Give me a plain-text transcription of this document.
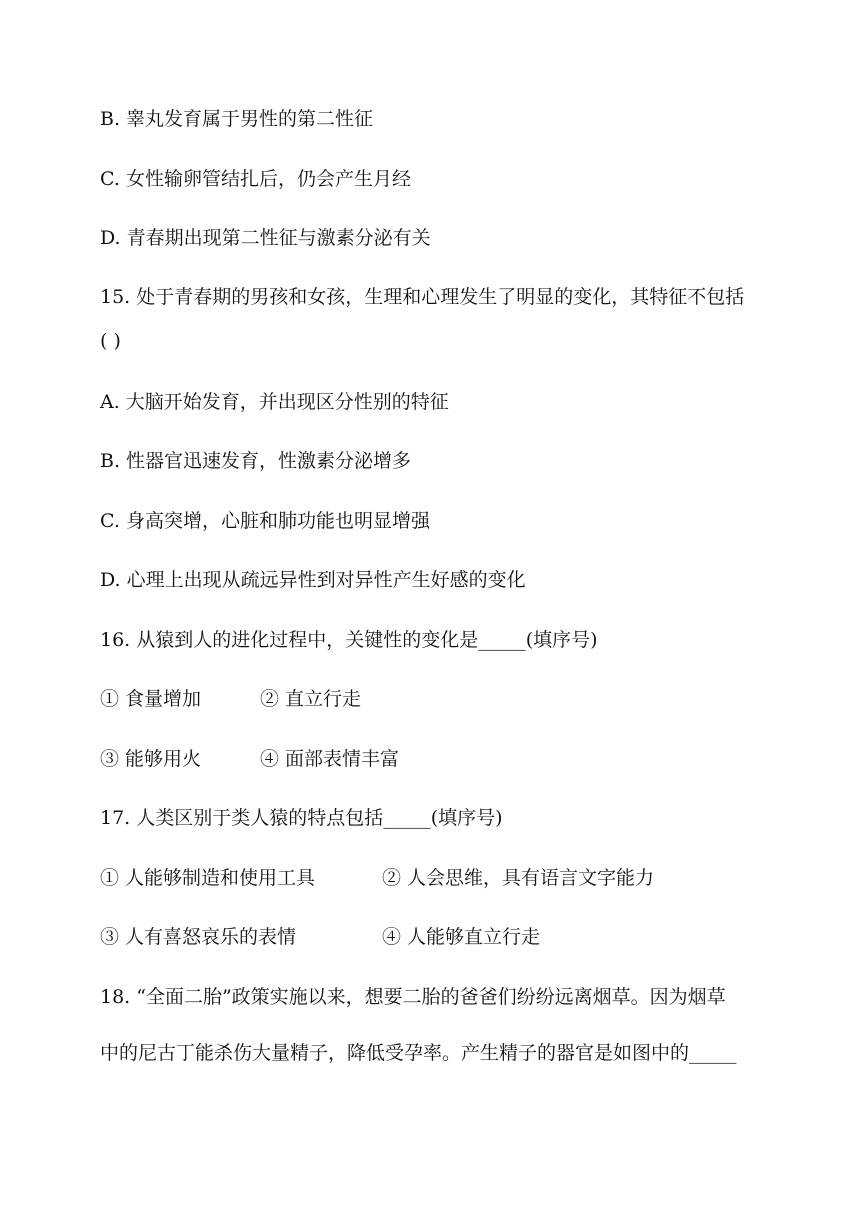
B. 睾丸发育属于男性的第二性征
C. 女性输卵管结扎后，仍会产生月经
D. 青春期出现第二性征与激素分泌有关
15. 处于青春期的男孩和女孩，生理和心理发生了明显的变化，其特征不包括
( )
A. 大脑开始发育，并出现区分性别的特征
B. 性器官迅速发育，性激素分泌增多
C. 身高突增，心脏和肺功能也明显增强
D. 心理上出现从疏远异性到对异性产生好感的变化
16. 从猿到人的进化过程中，关键性的变化是_____(填序号)
① 食量增加	② 直立行走
③ 能够用火	④ 面部表情丰富
17. 人类区别于类人猿的特点包括_____(填序号)
① 人能够制造和使用工具	② 人会思维，具有语言文字能力
③ 人有喜怒哀乐的表情	④ 人能够直立行走
18. “全面二胎”政策实施以来，想要二胎的爸爸们纷纷远离烟草。因为烟草
中的尼古丁能杀伤大量精子，降低受孕率。产生精子的器官是如图中的_____
